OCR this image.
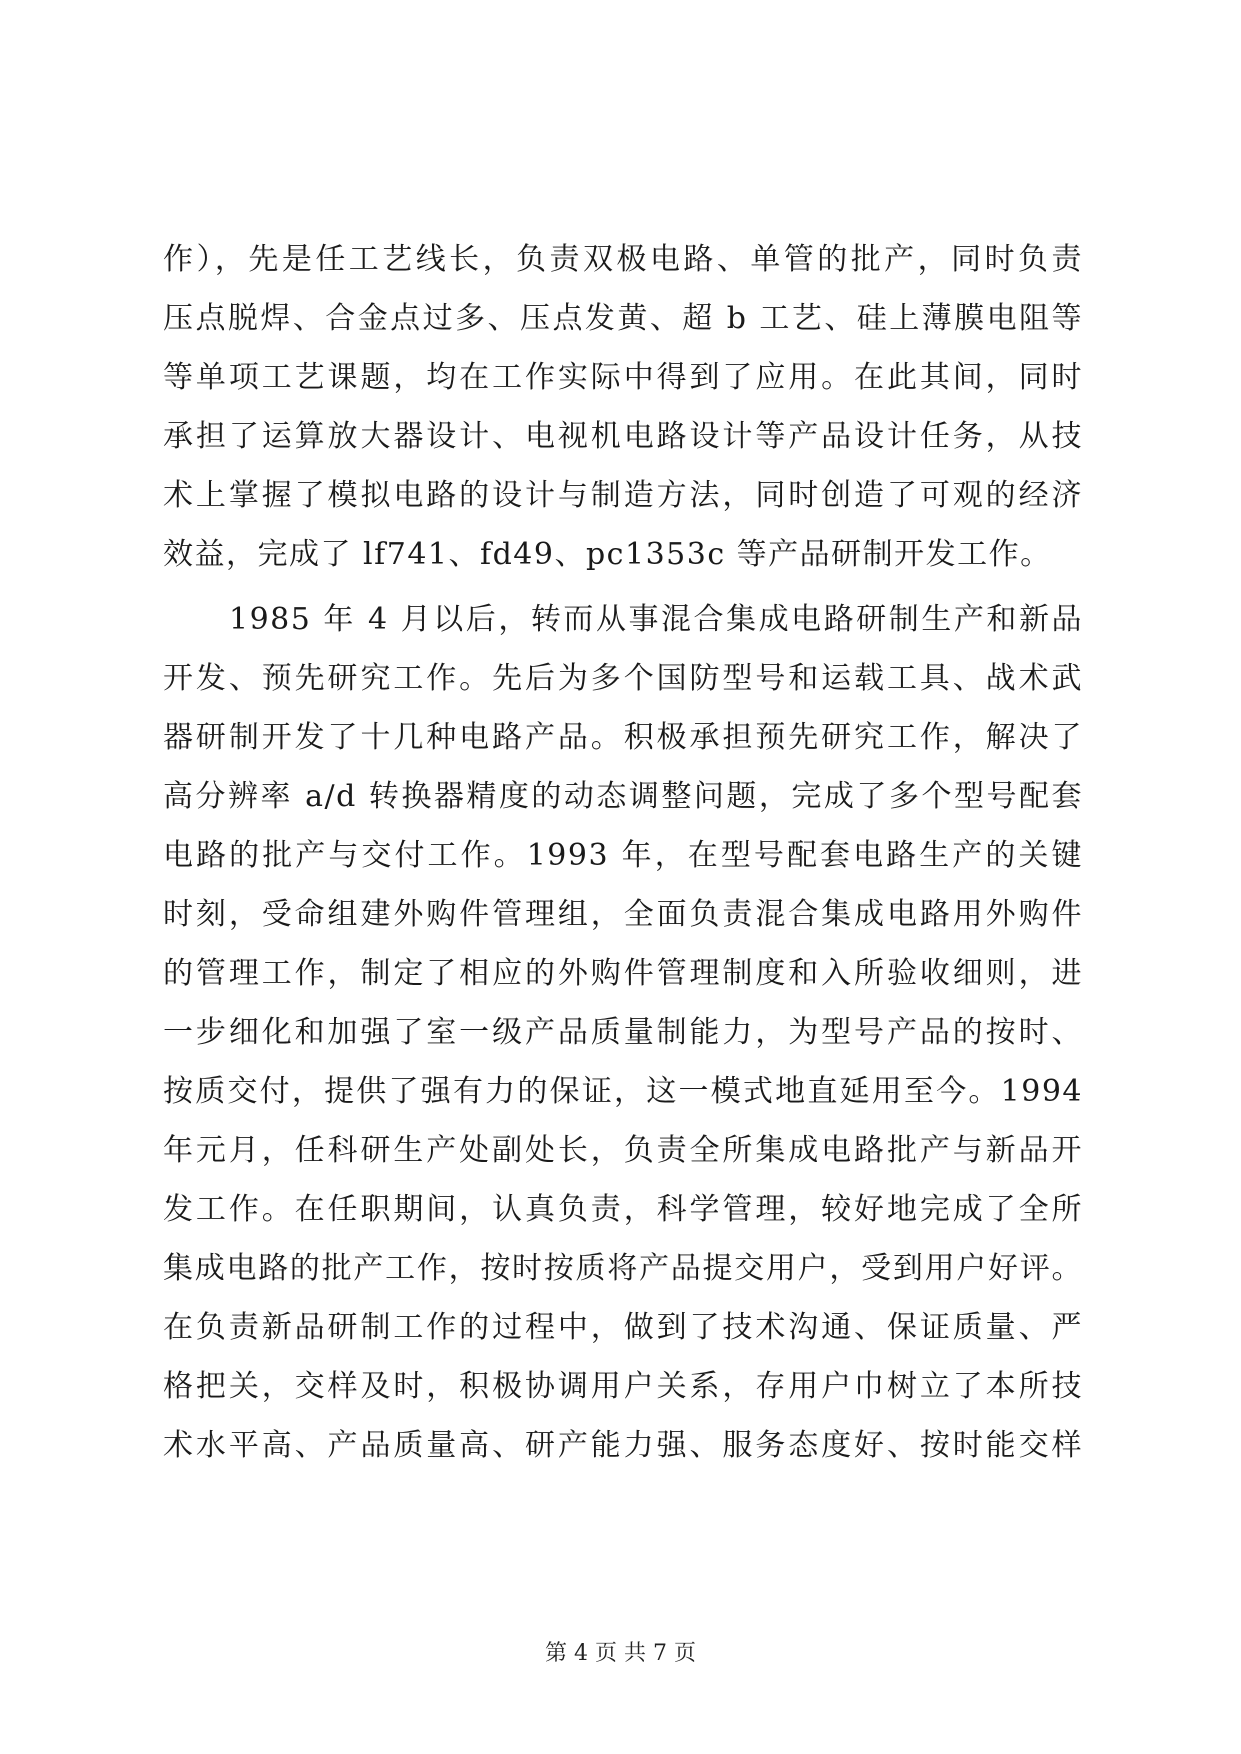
作），先是任工艺线长，负责双极电路、单管的批产，同时负责
压点脱焊、合金点过多、压点发黄、超 b 工艺、硅上薄膜电阻等
等单项工艺课题，均在工作实际中得到了应用。在此其间，同时
承担了运算放大器设计、电视机电路设计等产品设计任务，从技
术上掌握了模拟电路的设计与制造方法，同时创造了可观的经济
效益，完成了 lf741、fd49、pc1353c 等产品研制开发工作。
1985 年 4 月以后，转而从事混合集成电路研制生产和新品
开发、预先研究工作。先后为多个国防型号和运载工具、战术武
器研制开发了十几种电路产品。积极承担预先研究工作，解决了
高分辨率 a/d 转换器精度的动态调整问题，完成了多个型号配套
电路的批产与交付工作。1993 年，在型号配套电路生产的关键
时刻，受命组建外购件管理组，全面负责混合集成电路用外购件
的管理工作，制定了相应的外购件管理制度和入所验收细则，进
一步细化和加强了室一级产品质量制能力，为型号产品的按时、
按质交付，提供了强有力的保证，这一模式地直延用至今。1994
年元月，任科研生产处副处长，负责全所集成电路批产与新品开
发工作。在任职期间，认真负责，科学管理，较好地完成了全所
集成电路的批产工作，按时按质将产品提交用户，受到用户好评。
在负责新品研制工作的过程中，做到了技术沟通、保证质量、严
格把关，交样及时，积极协调用户关系，存用户巾树立了本所技
术水平高、产品质量高、研产能力强、服务态度好、按时能交样
第 4 页 共 7 页
